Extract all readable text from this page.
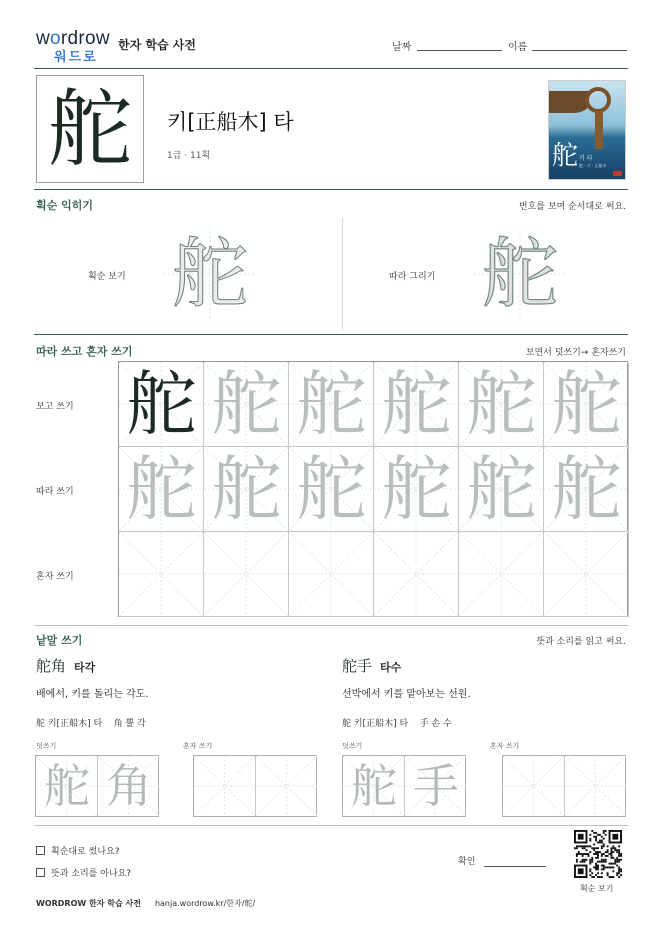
wordrow
워드로
한자 학습 사전	날짜	이름
舵 키[正船木] 타
1급 · 11획	舵 키 타
舵 · 키 · 正船木
획순 익히기	번호를 보며 순서대로 써요.
획순 보기 舵	따라 그리기 舵
따라 쓰고 혼자 쓰기	보면서 덧쓰기→ 혼자쓰기
보고 쓰기
따라 쓰기
혼자 쓰기
舵 舵 舵 舵 舵 舵
舵 舵 舵 舵 舵 舵
낱말 쓰기	뜻과 소리를 읽고 써요.
舵角 타각
배에서, 키를 돌리는 각도.
舵 키[正船木] 타    角 뿔 각
덧쓰기	혼자 쓰기
舵 角
舵手 타수
선박에서 키를 맡아보는 선원.
舵 키[正船木] 타    手 손 수
덧쓰기	혼자 쓰기
舵 手
획순대로 썼나요?
뜻과 소리를 아나요?
확인
획순 보기
WORDROW 한자 학습 사전 hanja.wordrow.kr/한자/舵/
